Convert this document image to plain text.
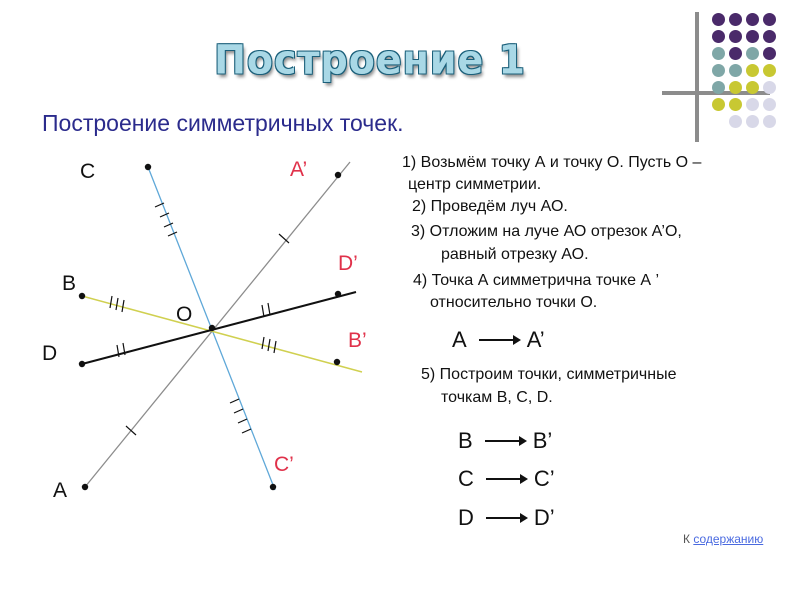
Построение 1
Построение симметричных точек.
C
B
D
A
O
A’
D’
B’
C’
1) Возьмём точку А и точку О. Пусть О –
центр симметрии.
2) Проведём луч АО.
3) Отложим на луче АО отрезок А’О,
равный отрезку АО.
4) Точка А симметрична точке А ’
относительно точки О.
A	A’
5) Построим точки, симметричные
точкам В, С, D.
B	B’
C	C’
D	D’
К содержанию
